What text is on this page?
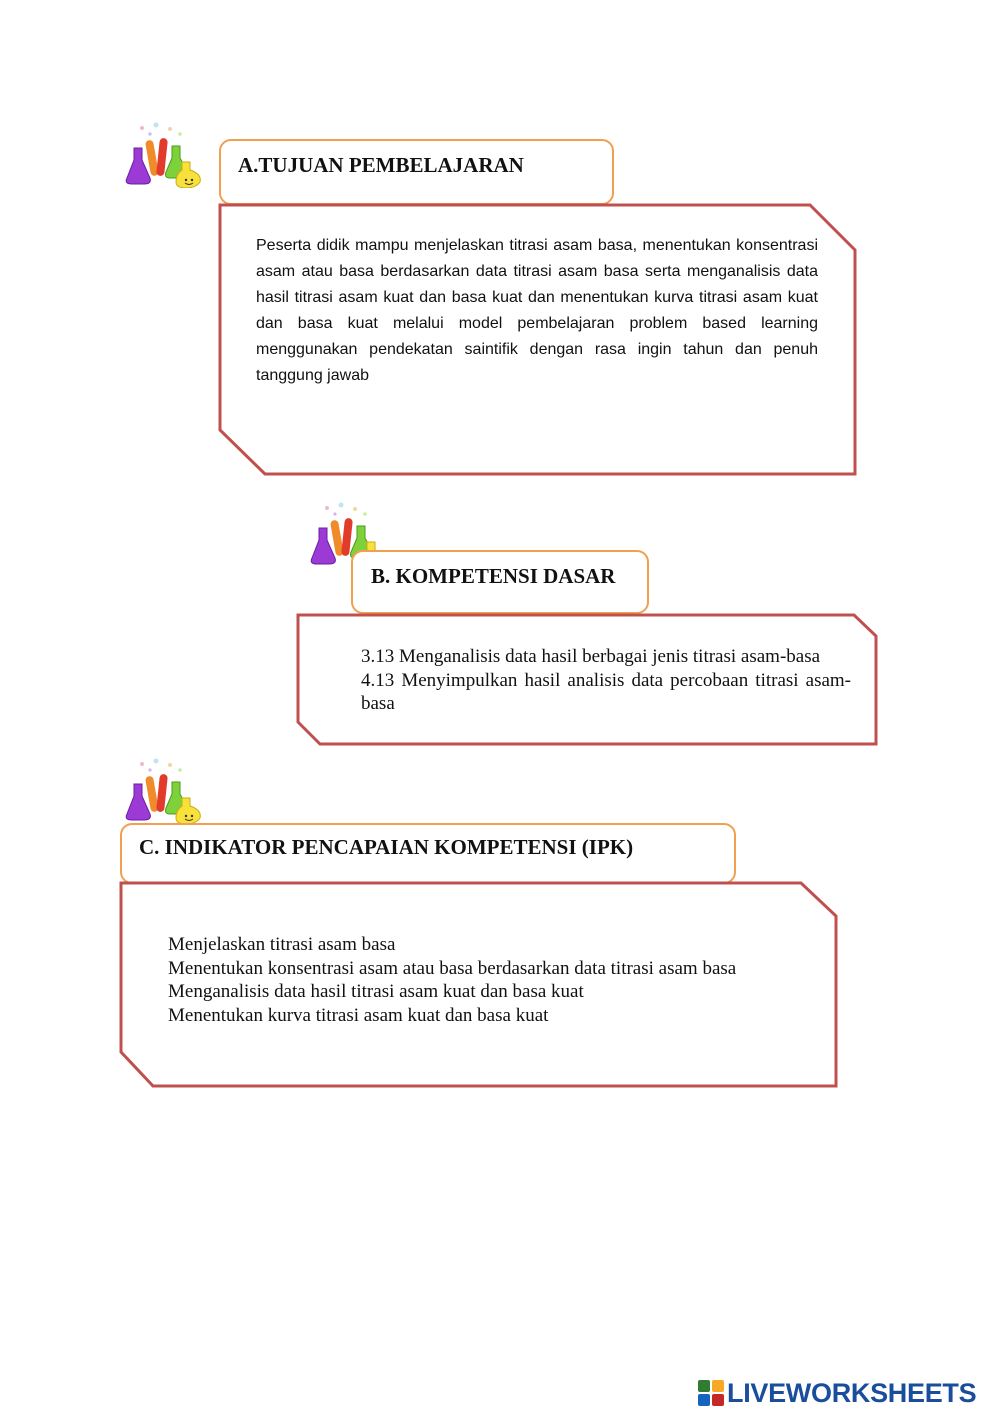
A.TUJUAN PEMBELAJARAN
Peserta didik mampu menjelaskan titrasi asam basa, menentukan konsentrasi asam atau basa berdasarkan data titrasi asam basa serta menganalisis data hasil titrasi asam kuat dan basa kuat dan menentukan kurva titrasi asam kuat dan basa kuat melalui model pembelajaran problem based learning menggunakan pendekatan saintifik dengan rasa ingin tahun dan penuh tanggung jawab
B. KOMPETENSI DASAR
3.13 Menganalisis data hasil berbagai jenis titrasi asam-basa
4.13 Menyimpulkan hasil analisis data percobaan titrasi asam-basa
C. INDIKATOR PENCAPAIAN KOMPETENSI (IPK)
Menjelaskan titrasi asam basa
Menentukan konsentrasi asam atau basa berdasarkan data titrasi asam basa
Menganalisis data hasil titrasi asam kuat dan basa kuat
Menentukan kurva titrasi asam kuat dan basa kuat
LIVEWORKSHEETS
